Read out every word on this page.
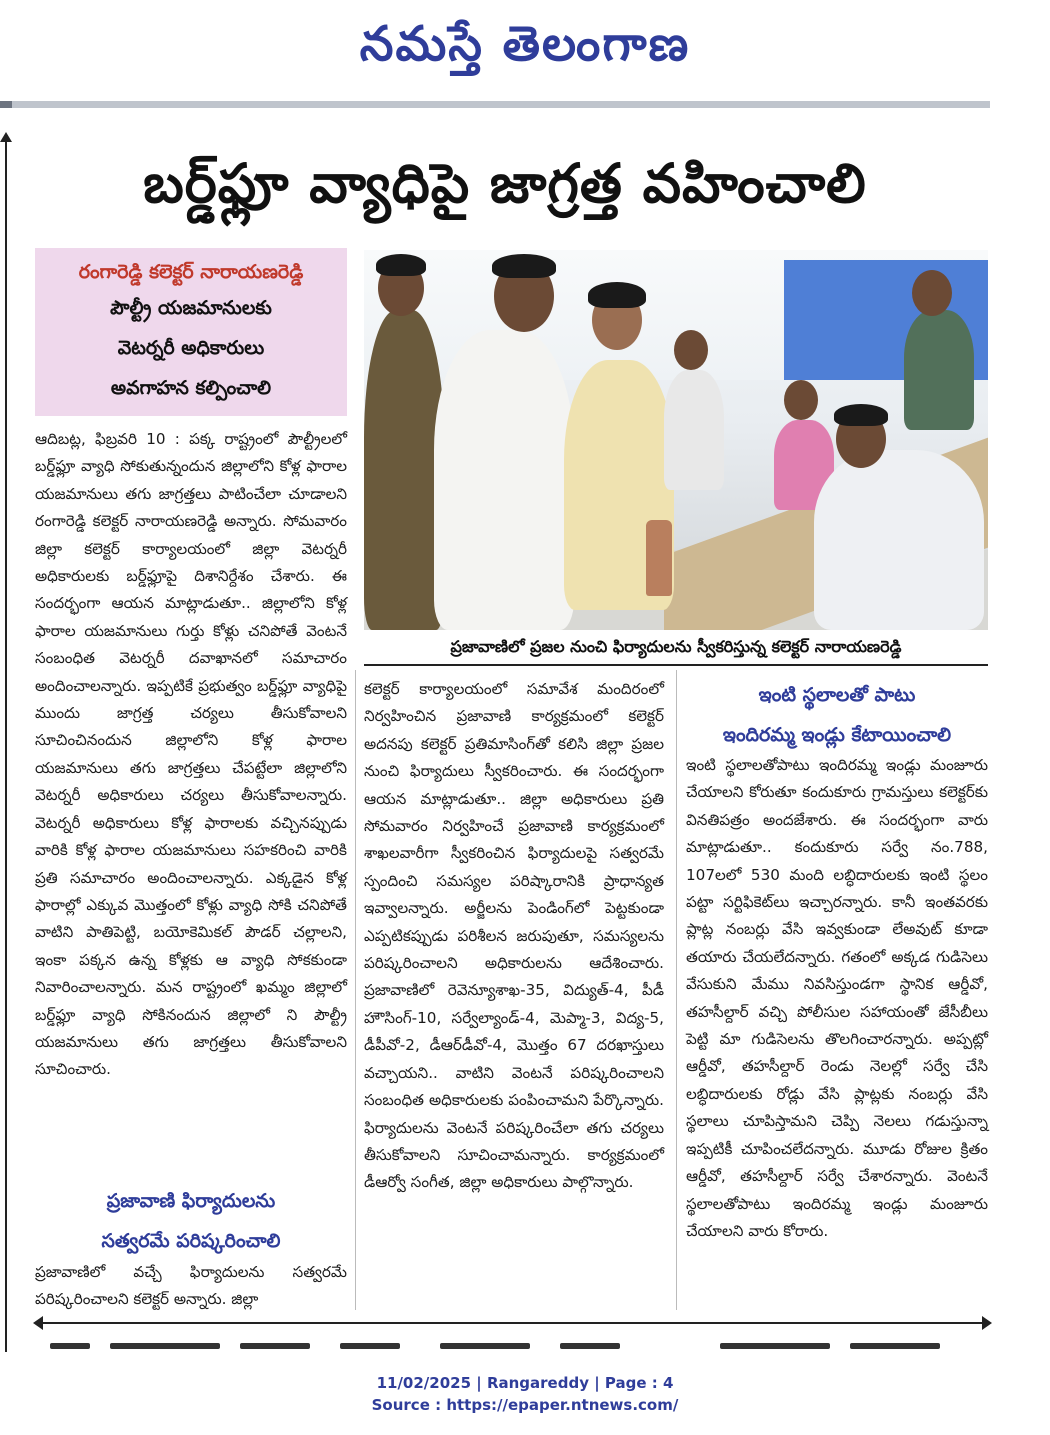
నమస్తే తెలంగాణ
బర్డ్‌ఫ్లూ వ్యాధిపై జాగ్రత్త వహించాలి
రంగారెడ్డి కలెక్టర్ నారాయణరెడ్డి
పౌల్ట్రీ యజమానులకు
వెటర్నరీ అధికారులు
అవగాహన కల్పించాలి
ప్రజావాణిలో ప్రజల నుంచి ఫిర్యాదులను స్వీకరిస్తున్న కలెక్టర్ నారాయణరెడ్డి

ఆదిబట్ల, ఫిబ్రవరి 10 : పక్క రాష్ట్రంలో పౌల్ట్రీలలో బర్డ్‌ఫ్లూ వ్యాధి సోకుతున్నందున జిల్లాలోని కోళ్ల ఫారాల యజమానులు తగు జాగ్రత్తలు పాటించేలా చూడాలని రంగారెడ్డి కలెక్టర్ నారాయణరెడ్డి అన్నారు. సోమవారం జిల్లా కలెక్టర్ కార్యాలయంలో జిల్లా వెటర్నరీ అధికారులకు బర్డ్‌ఫ్లూపై దిశానిర్దేశం చేశారు. ఈ సందర్భంగా ఆయన మాట్లాడుతూ.. జిల్లాలోని కోళ్ల ఫారాల యజమానులు గుర్తు కోళ్లు చనిపోతే వెంటనే సంబంధిత వెటర్నరీ దవాఖానలో సమాచారం అందించాలన్నారు. ఇప్పటికే ప్రభుత్వం బర్డ్‌ఫ్లూ వ్యాధిపై ముందు జాగ్రత్త చర్యలు తీసుకోవాలని సూచించినందున జిల్లాలోని కోళ్ల ఫారాల యజమానులు తగు జాగ్రత్తలు చేపట్టేలా జిల్లాలోని వెటర్నరీ అధికారులు చర్యలు తీసుకోవాలన్నారు. వెటర్నరీ అధికారులు కోళ్ల ఫారాలకు వచ్చినప్పుడు వారికి కోళ్ల ఫారాల యజమానులు సహకరించి వారికి ప్రతి సమాచారం అందించాలన్నారు. ఎక్కడైన కోళ్ల ఫారాల్లో ఎక్కువ మొత్తంలో కోళ్లు వ్యాధి సోకి చనిపోతే వాటిని పాతిపెట్టి, బయోకెమికల్ పౌడర్ చల్లాలని, ఇంకా పక్కన ఉన్న కోళ్లకు ఆ వ్యాధి సోకకుండా నివారించాలన్నారు. మన రాష్ట్రంలో ఖమ్మం జిల్లాలో బర్డ్‌ఫ్లూ వ్యాధి సోకినందున జిల్లాలో ని పౌల్ట్రీ యజమానులు తగు జాగ్రత్తలు తీసుకోవాలని సూచించారు.

ప్రజావాణి ఫిర్యాదులను
సత్వరమే పరిష్కరించాలి

ప్రజావాణిలో వచ్చే ఫిర్యాదులను సత్వరమే పరిష్కరించాలని కలెక్టర్ అన్నారు. జిల్లా

కలెక్టర్ కార్యాలయంలో సమావేశ మందిరంలో నిర్వహించిన ప్రజావాణి కార్యక్రమంలో కలెక్టర్ అదనపు కలెక్టర్ ప్రతిమాసింగ్‌తో కలిసి జిల్లా ప్రజల నుంచి ఫిర్యాదులు స్వీకరించారు. ఈ సందర్భంగా ఆయన మాట్లాడుతూ.. జిల్లా అధికారులు ప్రతి సోమవారం నిర్వహించే ప్రజావాణి కార్యక్రమంలో శాఖలవారీగా స్వీకరించిన ఫిర్యాదులపై సత్వరమే స్పందించి సమస్యల పరిష్కారానికి ప్రాధాన్యత ఇవ్వాలన్నారు. అర్జీలను పెండింగ్‌లో పెట్టకుండా ఎప్పటికప్పుడు పరిశీలన జరుపుతూ, సమస్యలను పరిష్కరించాలని అధికారులను ఆదేశించారు. ప్రజావాణిలో రెవెన్యూశాఖ-35, విద్యుత్-4, పీడీ హౌసింగ్-10, సర్వేల్యాండ్-4, మెప్మా-3, విద్య-5, డీపీవో-2, డీఆర్‌డీవో-4, మొత్తం 67 దరఖాస్తులు వచ్చాయని.. వాటిని వెంటనే పరిష్కరించాలని సంబంధిత అధికారులకు పంపించామని పేర్కొన్నారు. ఫిర్యాదులను వెంటనే పరిష్కరించేలా తగు చర్యలు తీసుకోవాలని సూచించామన్నారు. కార్యక్రమంలో డీఆర్వో సంగీత, జిల్లా అధికారులు పాల్గొన్నారు.

ఇంటి స్థలాలతో పాటు
ఇందిరమ్మ ఇండ్లు కేటాయించాలి

ఇంటి స్థలాలతోపాటు ఇందిరమ్మ ఇండ్లు మంజూరు చేయాలని కోరుతూ కందుకూరు గ్రామస్తులు కలెక్టర్‌కు వినతిపత్రం అందజేశారు. ఈ సందర్భంగా వారు మాట్లాడుతూ.. కందుకూరు సర్వే నం.788, 107లలో 530 మంది లబ్ధిదారులకు ఇంటి స్థలం పట్టా సర్టిఫికెట్‌లు ఇచ్చారన్నారు. కానీ ఇంతవరకు ప్లాట్ల నంబర్లు వేసి ఇవ్వకుండా లేఅవుట్ కూడా తయారు చేయలేదన్నారు. గతంలో అక్కడ గుడిసెలు వేసుకుని మేము నివసిస్తుండగా స్థానిక ఆర్డీవో, తహసీల్దార్ వచ్చి పోలీసుల సహాయంతో జేసీబీలు పెట్టి మా గుడిసెలను తొలగించారన్నారు. అప్పట్లో ఆర్డీవో, తహసీల్దార్ రెండు నెలల్లో సర్వే చేసి లబ్ధిదారులకు రోడ్లు వేసి ప్లాట్లకు నంబర్లు వేసి స్థలాలు చూపిస్తామని చెప్పి నెలలు గడుస్తున్నా ఇప్పటికీ చూపించలేదన్నారు. మూడు రోజుల క్రితం ఆర్డీవో, తహసీల్దార్ సర్వే చేశారన్నారు. వెంటనే స్థలాలతోపాటు ఇందిరమ్మ ఇండ్లు మంజూరు చేయాలని వారు కోరారు.

11/02/2025 | Rangareddy | Page : 4
Source : https://epaper.ntnews.com/
